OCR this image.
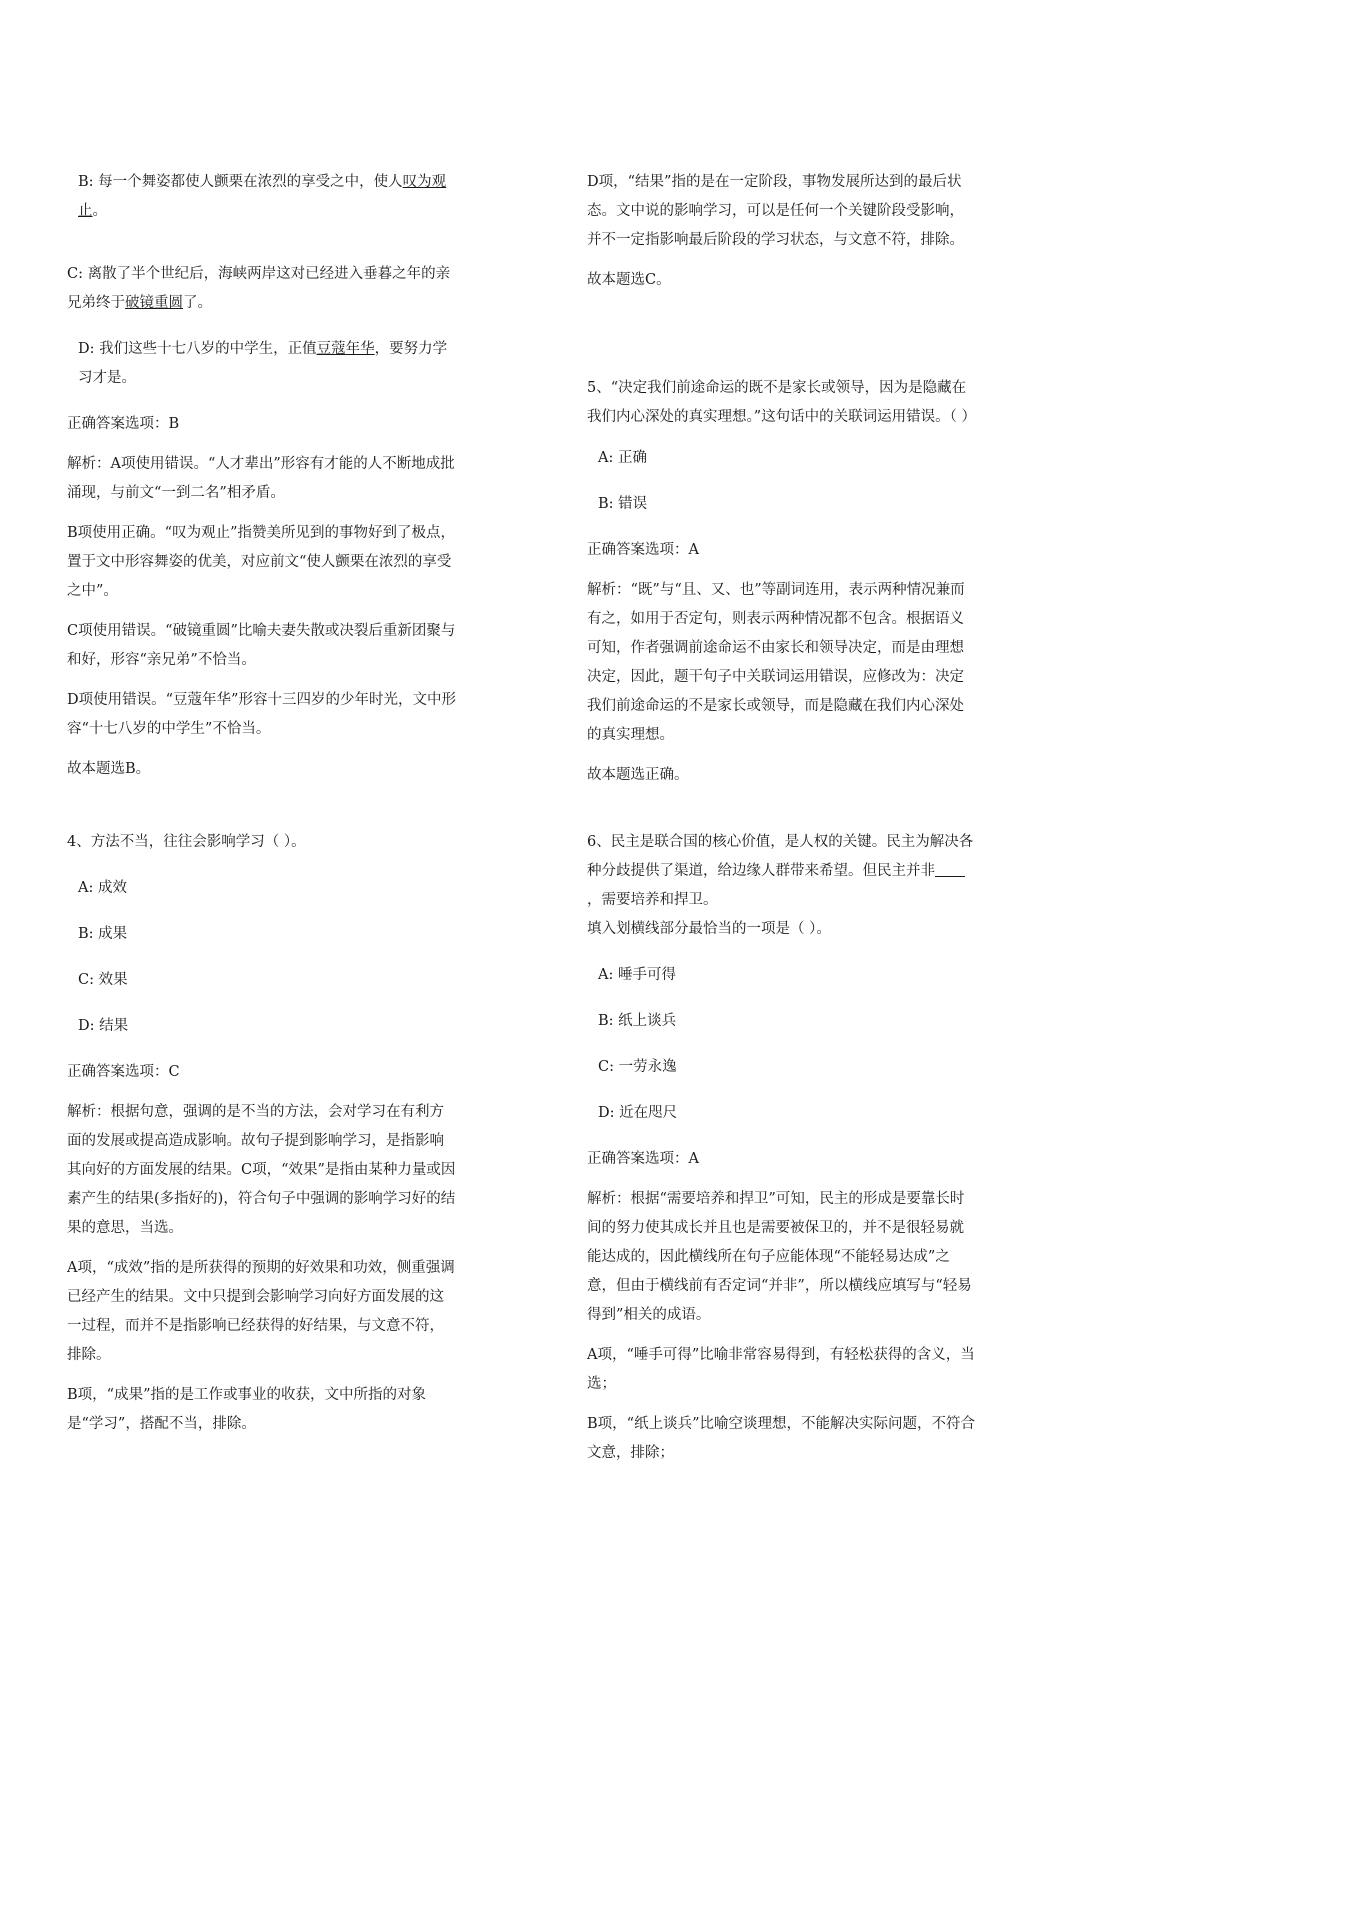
B: 每一个舞姿都使人颤栗在浓烈的享受之中，使人叹为观止。
C: 离散了半个世纪后，海峡两岸这对已经进入垂暮之年的亲兄弟终于破镜重圆了。
D: 我们这些十七八岁的中学生，正值豆蔻年华，要努力学习才是。
正确答案选项：B
解析：A项使用错误。“人才辈出”形容有才能的人不断地成批涌现，与前文“一到二名”相矛盾。
B项使用正确。“叹为观止”指赞美所见到的事物好到了极点，置于文中形容舞姿的优美，对应前文“使人颤栗在浓烈的享受之中”。
C项使用错误。“破镜重圆”比喻夫妻失散或决裂后重新团聚与和好，形容“亲兄弟”不恰当。
D项使用错误。“豆蔻年华”形容十三四岁的少年时光，文中形容“十七八岁的中学生”不恰当。
故本题选B。
D项，“结果”指的是在一定阶段，事物发展所达到的最后状态。文中说的影响学习，可以是任何一个关键阶段受影响，并不一定指影响最后阶段的学习状态，与文意不符，排除。
故本题选C。
5、“决定我们前途命运的既不是家长或领导，因为是隐藏在我们内心深处的真实理想。”这句话中的关联词运用错误。（ ）
A: 正确
B: 错误
正确答案选项：A
解析：“既”与“且、又、也”等副词连用，表示两种情况兼而有之，如用于否定句，则表示两种情况都不包含。根据语义可知，作者强调前途命运不由家长和领导决定，而是由理想决定，因此，题干句子中关联词运用错误，应修改为：决定我们前途命运的不是家长或领导，而是隐藏在我们内心深处的真实理想。
故本题选正确。
4、方法不当，往往会影响学习（ ）。
A: 成效
B: 成果
C: 效果
D: 结果
正确答案选项：C
解析：根据句意，强调的是不当的方法，会对学习在有利方面的发展或提高造成影响。故句子提到影响学习，是指影响其向好的方面发展的结果。C项，“效果”是指由某种力量或因素产生的结果(多指好的)，符合句子中强调的影响学习好的结果的意思，当选。
A项，“成效”指的是所获得的预期的好效果和功效，侧重强调已经产生的结果。文中只提到会影响学习向好方面发展的这一过程，而并不是指影响已经获得的好结果，与文意不符，排除。
B项，“成果”指的是工作或事业的收获，文中所指的对象是“学习”，搭配不当，排除。
6、民主是联合国的核心价值，是人权的关键。民主为解决各种分歧提供了渠道，给边缘人群带来希望。但民主并非，需要培养和捍卫。
填入划横线部分最恰当的一项是（ ）。
A: 唾手可得
B: 纸上谈兵
C: 一劳永逸
D: 近在咫尺
正确答案选项：A
解析：根据“需要培养和捍卫”可知，民主的形成是要靠长时间的努力使其成长并且也是需要被保卫的，并不是很轻易就能达成的，因此横线所在句子应能体现“不能轻易达成”之意，但由于横线前有否定词“并非”，所以横线应填写与“轻易得到”相关的成语。
A项，“唾手可得”比喻非常容易得到，有轻松获得的含义，当选；
B项，“纸上谈兵”比喻空谈理想，不能解决实际问题，不符合文意，排除；
